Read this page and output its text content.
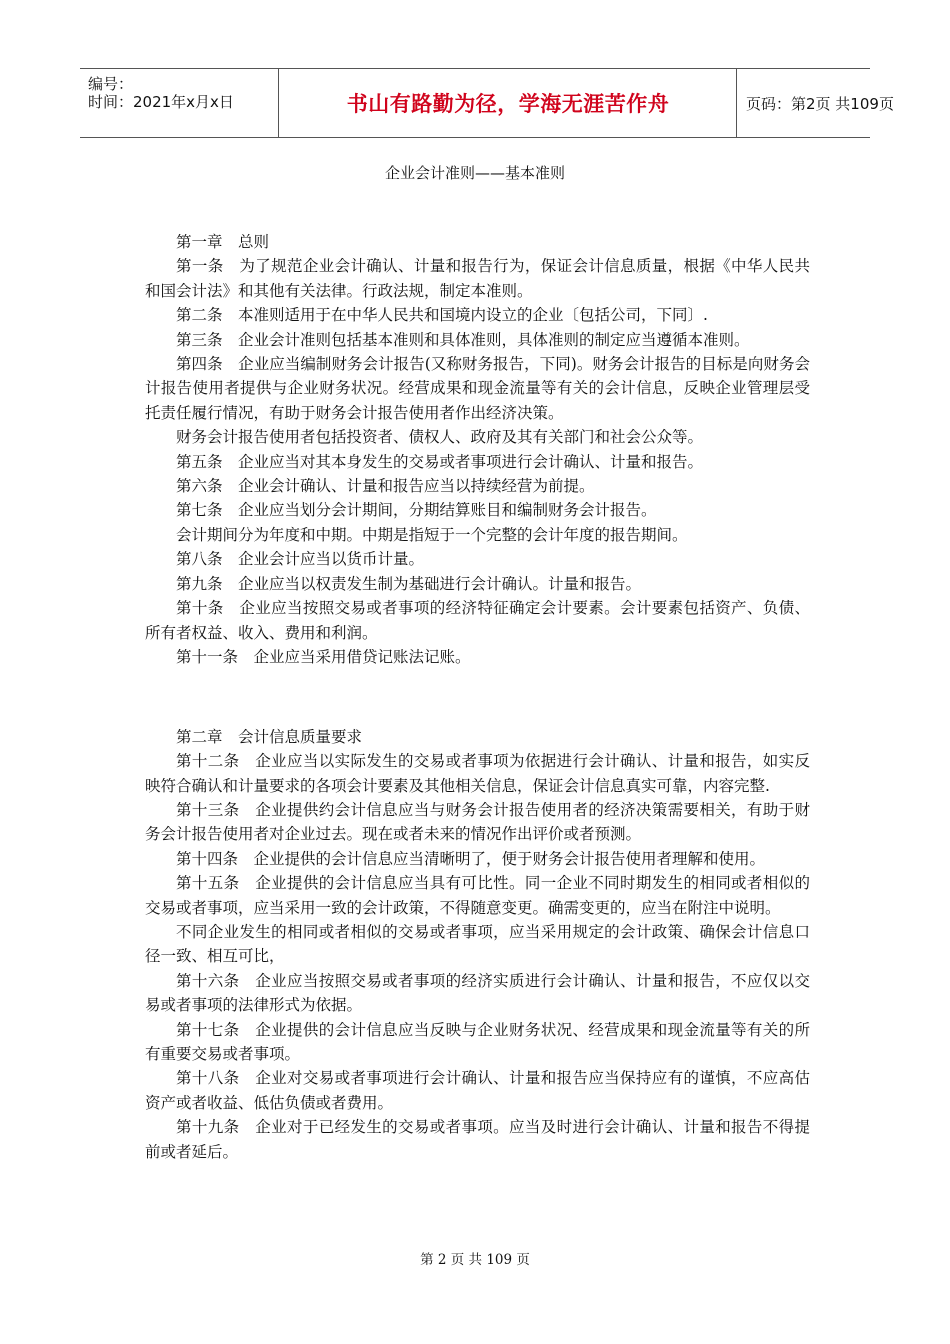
编号：
时间：2021年x月x日	书山有路勤为径，学海无涯苦作舟	页码：第2页 共109页
企业会计准则——基本准则

第一章　总则

第一条　为了规范企业会计确认、计量和报告行为，保证会计信息质量，根据《中华人民共和国会计法》和其他有关法律。行政法规，制定本准则。

第二条　本准则适用于在中华人民共和国境内设立的企业〔包括公司，下同〕.

第三条　企业会计准则包括基本准则和具体准则，具体准则的制定应当遵循本准则。

第四条　企业应当编制财务会计报告(又称财务报告，下同)。财务会计报告的目标是向财务会计报告使用者提供与企业财务状况。经营成果和现金流量等有关的会计信息，反映企业管理层受托责任履行情况，有助于财务会计报告使用者作出经济决策。

财务会计报告使用者包括投资者、债权人、政府及其有关部门和社会公众等。

第五条　企业应当对其本身发生的交易或者事项进行会计确认、计量和报告。

第六条　企业会计确认、计量和报告应当以持续经营为前提。

第七条　企业应当划分会计期间，分期结算账目和编制财务会计报告。

会计期间分为年度和中期。中期是指短于一个完整的会计年度的报告期间。

第八条　企业会计应当以货币计量。

第九条　企业应当以权责发生制为基础进行会计确认。计量和报告。

第十条　企业应当按照交易或者事项的经济特征确定会计要素。会计要素包括资产、负债、所有者权益、收入、费用和利润。

第十一条　企业应当采用借贷记账法记账。

第二章　会计信息质量要求

第十二条　企业应当以实际发生的交易或者事项为依据进行会计确认、计量和报告，如实反映符合确认和计量要求的各项会计要素及其他相关信息，保证会计信息真实可靠，内容完整.

第十三条　企业提供约会计信息应当与财务会计报告使用者的经济决策需要相关，有助于财务会计报告使用者对企业过去。现在或者未来的情况作出评价或者预测。

第十四条　企业提供的会计信息应当清晰明了，便于财务会计报告使用者理解和使用。

第十五条　企业提供的会计信息应当具有可比性。同一企业不同时期发生的相同或者相似的交易或者事项，应当采用一致的会计政策，不得随意变更。确需变更的，应当在附注中说明。

不同企业发生的相同或者相似的交易或者事项，应当采用规定的会计政策、确保会计信息口径一致、相互可比，

第十六条　企业应当按照交易或者事项的经济实质进行会计确认、计量和报告，不应仅以交易或者事项的法律形式为依据。

第十七条　企业提供的会计信息应当反映与企业财务状况、经营成果和现金流量等有关的所有重要交易或者事项。

第十八条　企业对交易或者事项进行会计确认、计量和报告应当保持应有的谨慎，不应高估资产或者收益、低估负债或者费用。

第十九条　企业对于已经发生的交易或者事项。应当及时进行会计确认、计量和报告不得提前或者延后。

第 2 页 共 109 页
